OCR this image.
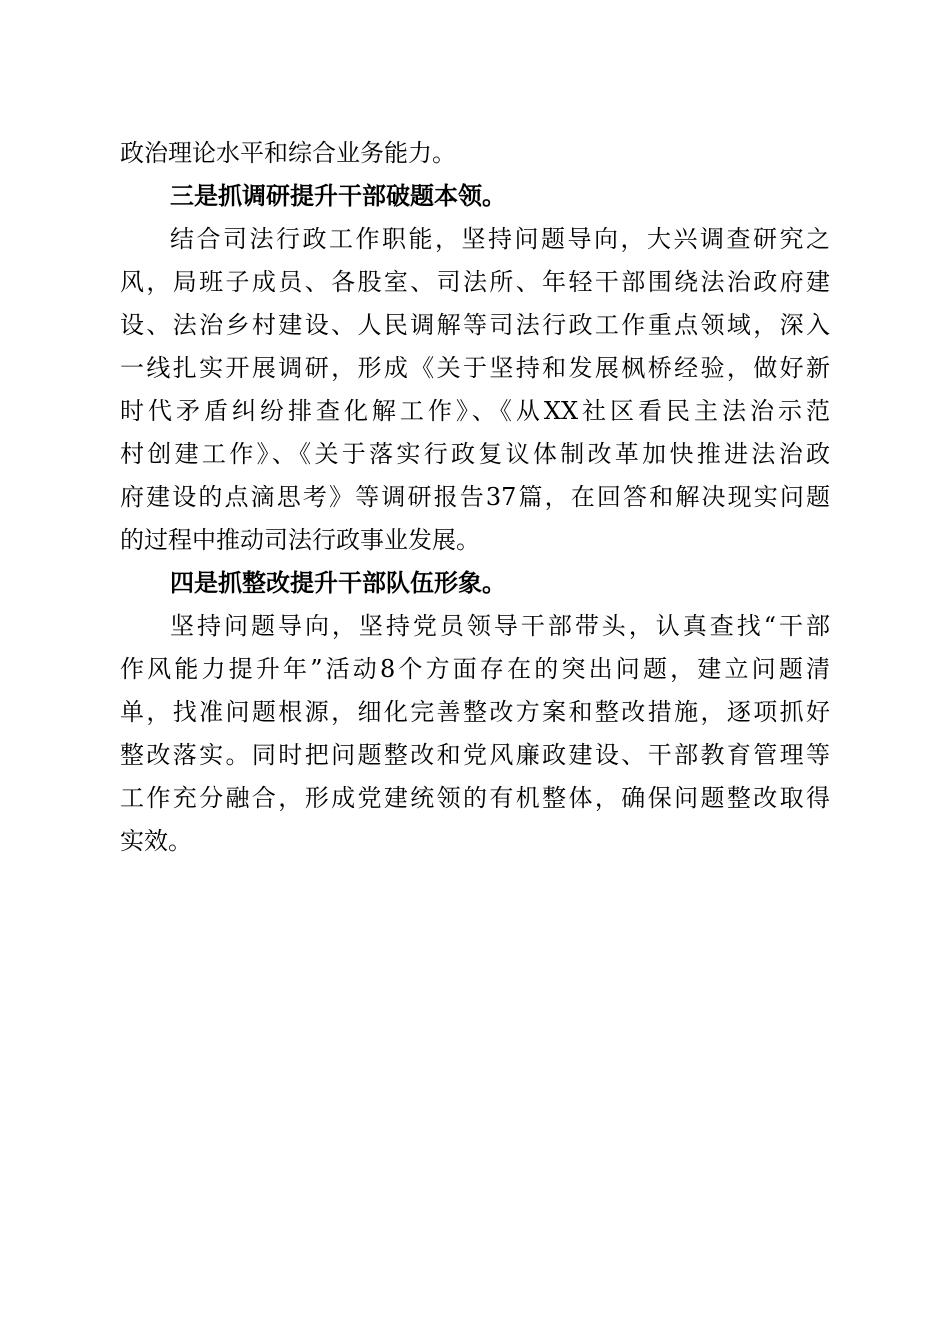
政治理论水平和综合业务能力。
三是抓调研提升干部破题本领。
结合司法行政工作职能，坚持问题导向，大兴调查研究之
风，局班子成员、各股室、司法所、年轻干部围绕法治政府建
设、法治乡村建设、人民调解等司法行政工作重点领域，深入
一线扎实开展调研，形成《关于坚持和发展枫桥经验，做好新
时代矛盾纠纷排查化解工作》、《从XX社区看民主法治示范
村创建工作》、《关于落实行政复议体制改革加快推进法治政
府建设的点滴思考》等调研报告37篇，在回答和解决现实问题
的过程中推动司法行政事业发展。
四是抓整改提升干部队伍形象。
坚持问题导向，坚持党员领导干部带头，认真查找“干部
作风能力提升年”活动8个方面存在的突出问题，建立问题清
单，找准问题根源，细化完善整改方案和整改措施，逐项抓好
整改落实。同时把问题整改和党风廉政建设、干部教育管理等
工作充分融合，形成党建统领的有机整体，确保问题整改取得
实效。
